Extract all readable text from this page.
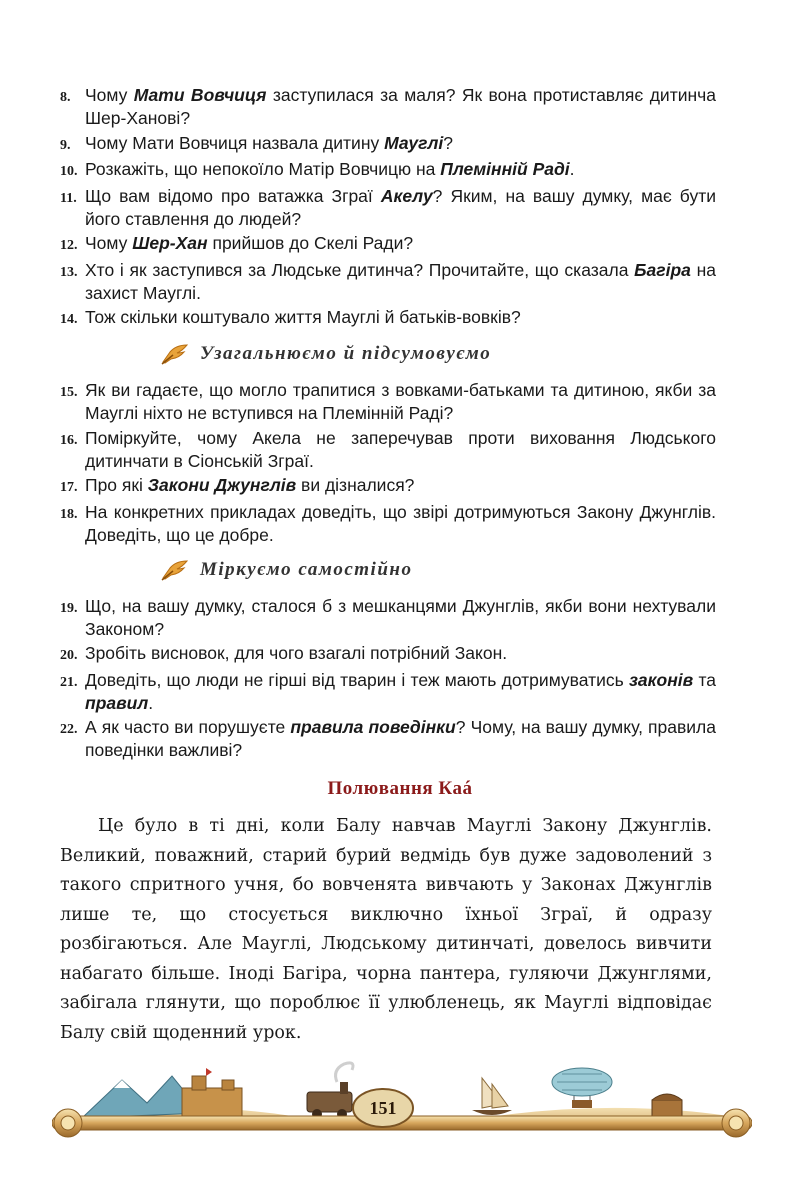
8. Чому Мати Вовчиця заступилася за маля? Як вона протиставляє дитинча Шер-Ханові?
9. Чому Мати Вовчиця назвала дитину Мауглі?
10. Розкажіть, що непокоїло Матір Вовчицю на Племінній Раді.
11. Що вам відомо про ватажка Зграї Акелу? Яким, на вашу думку, має бути його ставлення до людей?
12. Чому Шер-Хан прийшов до Скелі Ради?
13. Хто і як заступився за Людське дитинча? Прочитайте, що сказала Багіра на захист Мауглі.
14. Тож скільки коштувало життя Мауглі й батьків-вовків?
Узагальнюємо й підсумовуємо
15. Як ви гадаєте, що могло трапитися з вовками-батьками та дитиною, якби за Мауглі ніхто не вступився на Племінній Раді?
16. Поміркуйте, чому Акела не заперечував проти виховання Людського дитинчати в Сіонській Зграї.
17. Про які Закони Джунглів ви дізналися?
18. На конкретних прикладах доведіть, що звірі дотримуються Закону Джунглів. Доведіть, що це добре.
Міркуємо самостійно
19. Що, на вашу думку, сталося б з мешканцями Джунглів, якби вони нехтували Законом?
20. Зробіть висновок, для чого взагалі потрібний Закон.
21. Доведіть, що люди не гірші від тварин і теж мають дотримуватись законів та правил.
22. А як часто ви порушуєте правила поведінки? Чому, на вашу думку, правила поведінки важливі?
Полювання Каá

Це було в ті дні, коли Балу навчав Мауглі Закону Джунглів. Великий, поважний, старий бурий ведмідь був дуже задоволений з такого спритного учня, бо вовченята вивчають у Законах Джунглів лише те, що стосується виключно їхньої Зграї, й одразу розбігаються. Але Мауглі, Людському дитинчаті, довелось вивчити набагато більше. Іноді Багіра, чорна пантера, гуляючи Джунглями, забігала глянути, що пороблює її улюбленець, як Мауглі відповідає Балу свій щоденний урок.

151
